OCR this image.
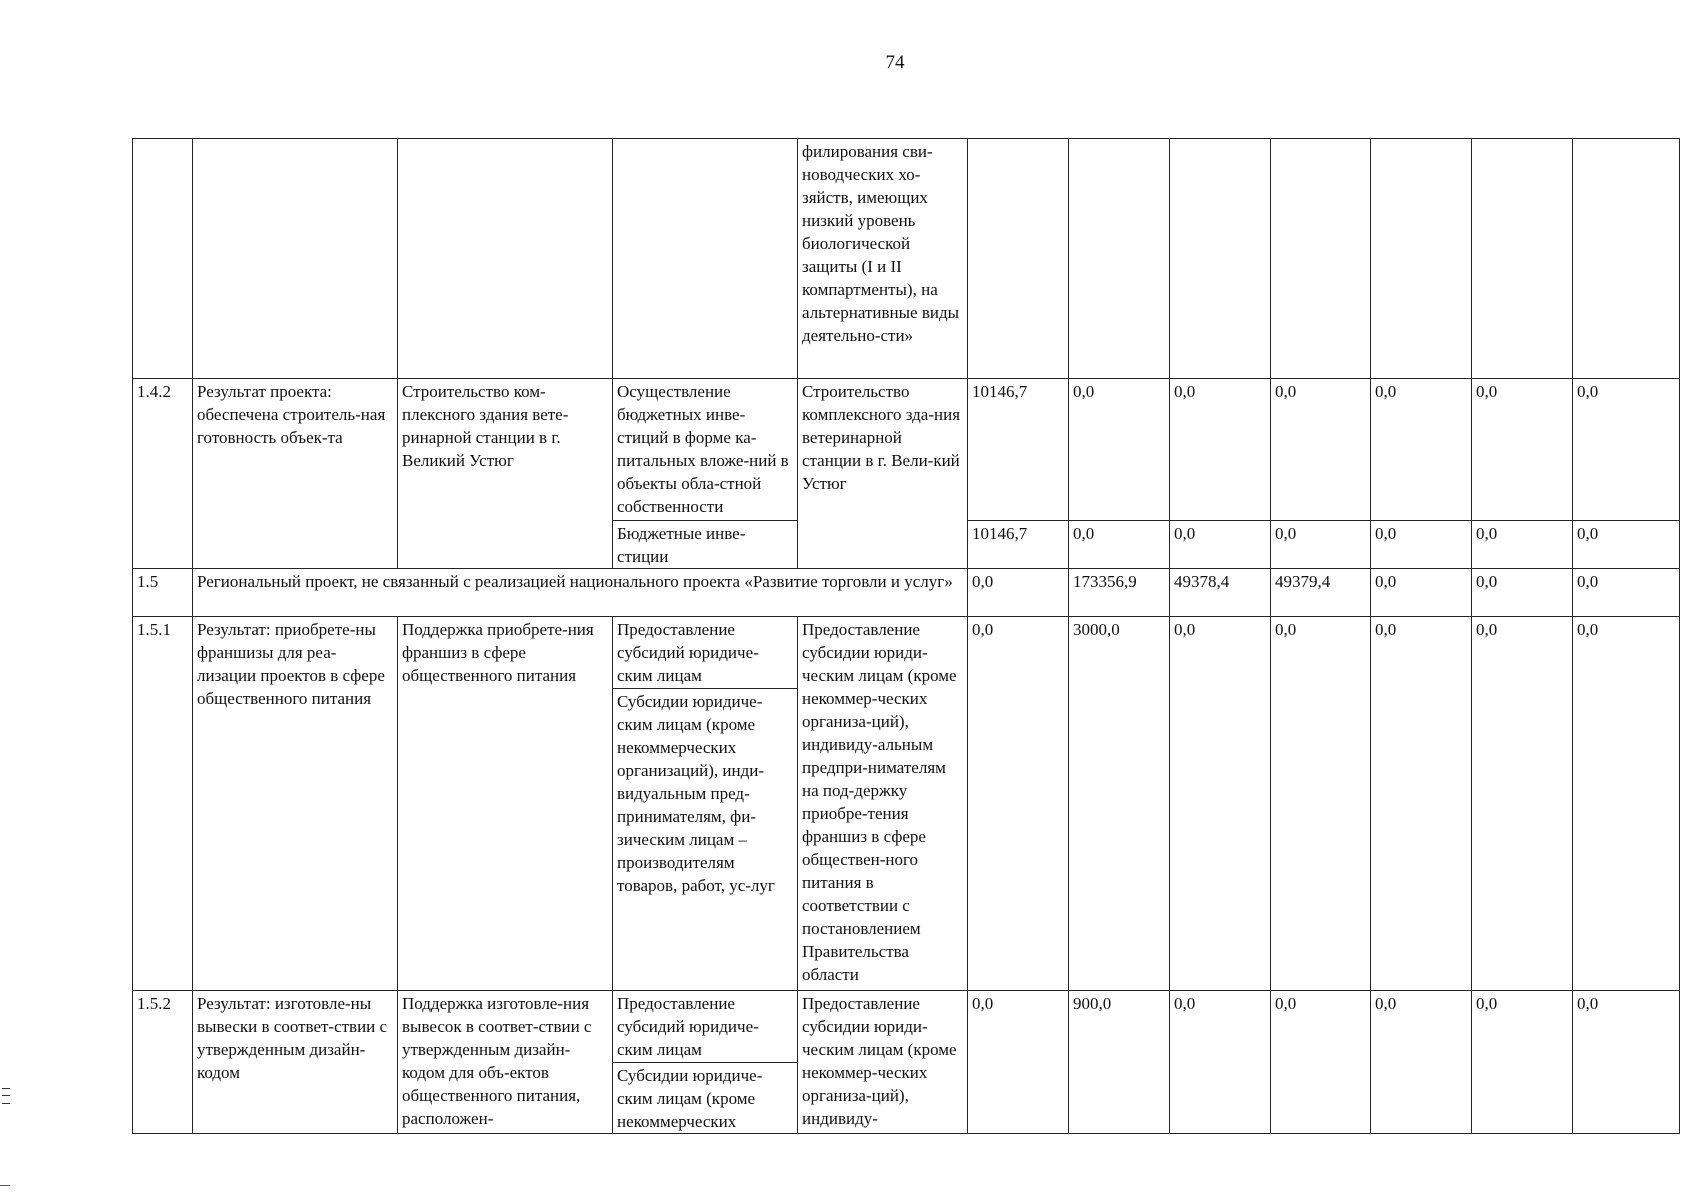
74
				филирования сви-новодческих хо-зяйств, имеющих низкий уровень биологической защиты (I и II компартменты), на альтернативные виды деятельно-сти»							
1.4.2	Результат проекта: обеспечена строитель-ная готовность объек-та	Строительство ком-плексного здания вете-ринарной станции в г. Великий Устюг	Осуществление бюджетных инве-стиций в форме ка-питальных вложе-ний в объекты обла-стной собственности	Строительство комплексного зда-ния ветеринарной станции в г. Вели-кий Устюг	10146,7	0,0	0,0	0,0	0,0	0,0	0,0
			Бюджетные инве-стиции		10146,7	0,0	0,0	0,0	0,0	0,0	0,0
1.5	Региональный проект, не связанный с реализацией национального проекта «Развитие торговли и услуг»				0,0	173356,9	49378,4	49379,4	0,0	0,0	0,0
1.5.1	Результат: приобрете-ны франшизы для реа-лизации проектов в сфере общественного питания	Поддержка приобрете-ния франшиз в сфере общественного питания	Предоставление субсидий юридиче-ским лицам	Предоставление субсидии юриди-ческим лицам (кроме некоммер-ческих организа-ций), индивиду-альным предпри-нимателям на под-держку приобре-тения франшиз в сфере обществен-ного питания в соответствии с постановлением Правительства области	0,0	3000,0	0,0	0,0	0,0	0,0	0,0
			Субсидии юридиче-ским лицам (кроме некоммерческих организаций), инди-видуальным пред-принимателям, фи-зическим лицам – производителям товаров, работ, ус-луг								
1.5.2	Результат: изготовле-ны вывески в соответ-ствии с утвержденным дизайн-кодом	Поддержка изготовле-ния вывесок в соответ-ствии с утвержденным дизайн-кодом для объ-ектов общественного питания, расположен-	Предоставление субсидий юридиче-ским лицам	Предоставление субсидии юриди-ческим лицам (кроме некоммер-ческих организа-ций), индивиду-	0,0	900,0	0,0	0,0	0,0	0,0	0,0
			Субсидии юридиче-ским лицам (кроме некоммерческих								
